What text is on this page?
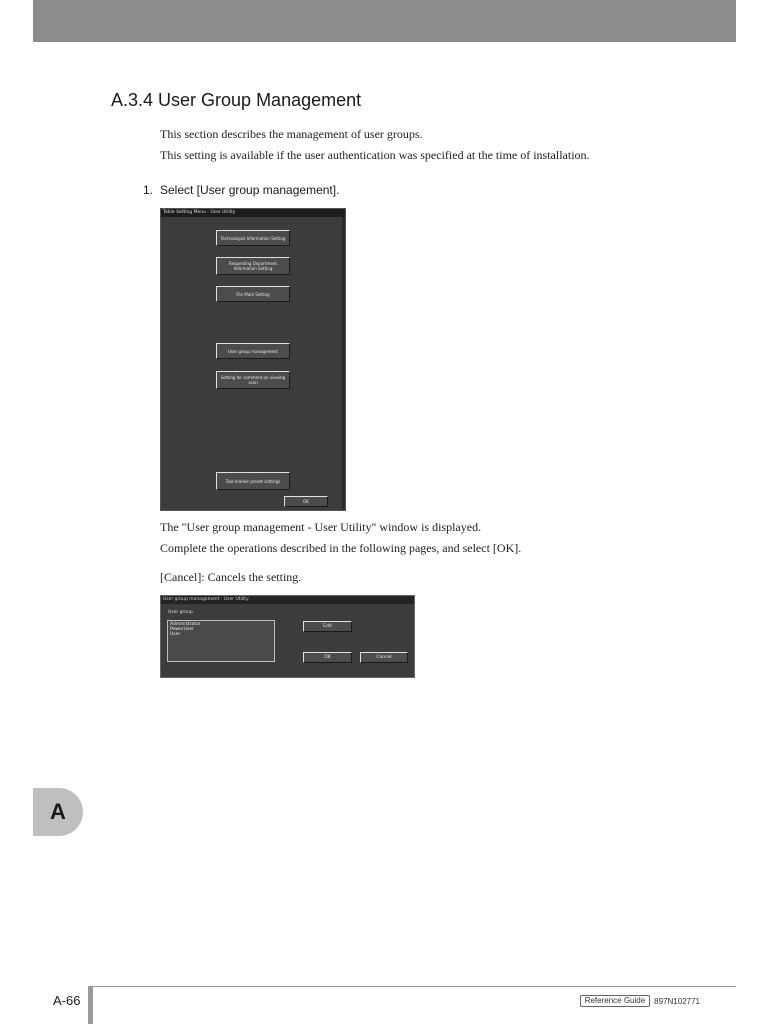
A.3.4 User Group Management

This section describes the management of user groups.

This setting is available if the user authentication was specified at the time of installation.

1. Select [User group management].

Table Setting Menu - User Utility
Technologist Information Setting
Requesting Department Information Setting
File Mark Setting
User group management
Setting for comment on viewing scan
Tool marker preset settings
OK

The "User group management - User Utility" window is displayed.

Complete the operations described in the following pages, and select [OK].

[Cancel]: Cancels the setting.

User group management - User Utility
User group
Administrator
PowerUser
User
Edit
OK	Cancel
A
A-66	Reference Guide	897N102771
